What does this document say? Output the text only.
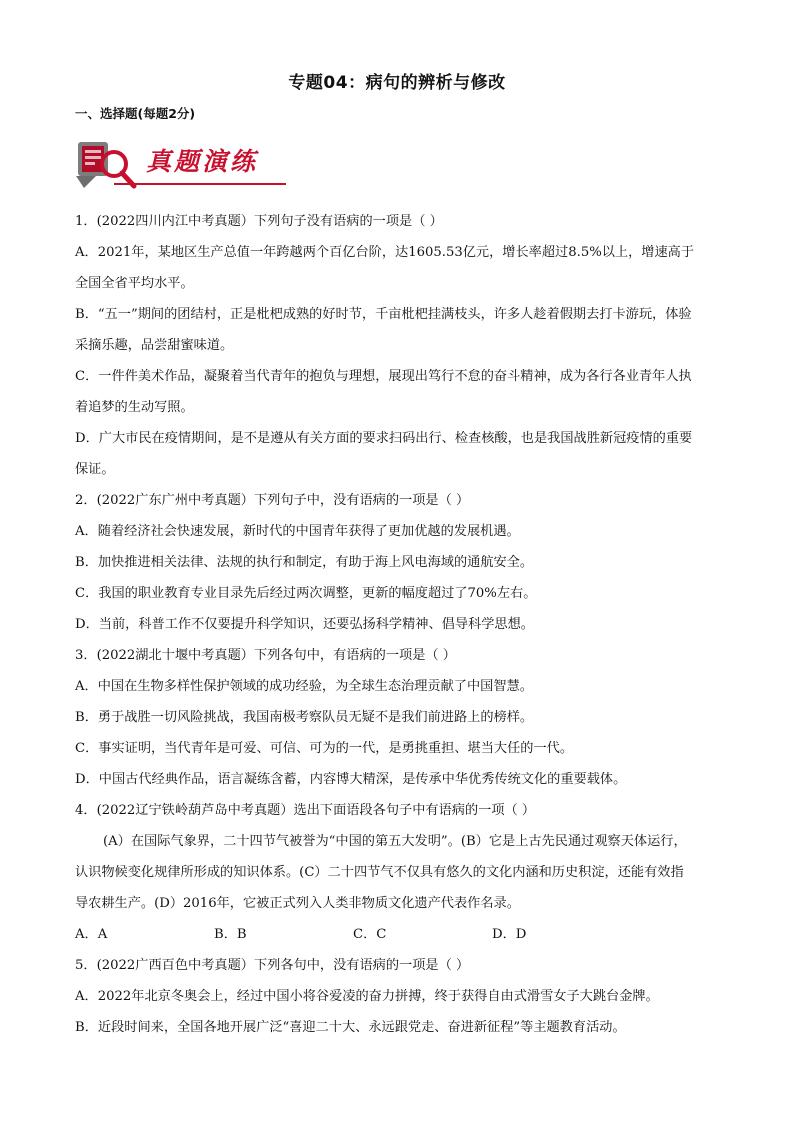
专题04：病句的辨析与修改
一、选择题(每题2分)
真题演练
1．(2022四川内江中考真题）下列句子没有语病的一项是（ ）
A．2021年，某地区生产总值一年跨越两个百亿台阶，达1605.53亿元，增长率超过8.5%以上，增速高于
全国全省平均水平。
B．“五一”期间的团结村，正是枇杷成熟的好时节，千亩枇杷挂满枝头，许多人趁着假期去打卡游玩，体验
采摘乐趣，品尝甜蜜味道。
C．一件件美术作品，凝聚着当代青年的抱负与理想，展现出笃行不怠的奋斗精神，成为各行各业青年人执
着追梦的生动写照。
D．广大市民在疫情期间，是不是遵从有关方面的要求扫码出行、检查核酸，也是我国战胜新冠疫情的重要
保证。
2．(2022广东广州中考真题）下列句子中，没有语病的一项是（ ）
A．随着经济社会快速发展，新时代的中国青年获得了更加优越的发展机遇。
B．加快推进相关法律、法规的执行和制定，有助于海上风电海域的通航安全。
C．我国的职业教育专业目录先后经过两次调整，更新的幅度超过了70%左右。
D．当前，科普工作不仅要提升科学知识，还要弘扬科学精神、倡导科学思想。
3．(2022湖北十堰中考真题）下列各句中，有语病的一项是（ ）
A．中国在生物多样性保护领域的成功经验，为全球生态治理贡献了中国智慧。
B．勇于战胜一切风险挑战，我国南极考察队员无疑不是我们前进路上的榜样。
C．事实证明，当代青年是可爱、可信、可为的一代，是勇挑重担、堪当大任的一代。
D．中国古代经典作品，语言凝练含蓄，内容博大精深，是传承中华优秀传统文化的重要载体。
4．(2022辽宁铁岭葫芦岛中考真题）选出下面语段各句子中有语病的一项（ ）
(A）在国际气象界，二十四节气被誉为“中国的第五大发明”。(B）它是上古先民通过观察天体运行，
认识物候变化规律所形成的知识体系。(C）二十四节气不仅具有悠久的文化内涵和历史积淀，还能有效指
导农耕生产。(D）2016年，它被正式列入人类非物质文化遗产代表作名录。
A．A	B．B	C．C	D．D
5．(2022广西百色中考真题）下列各句中，没有语病的一项是（ ）
A．2022年北京冬奥会上，经过中国小将谷爱凌的奋力拼搏，终于获得自由式滑雪女子大跳台金牌。
B．近段时间来，全国各地开展广泛“喜迎二十大、永远跟党走、奋进新征程”等主题教育活动。
